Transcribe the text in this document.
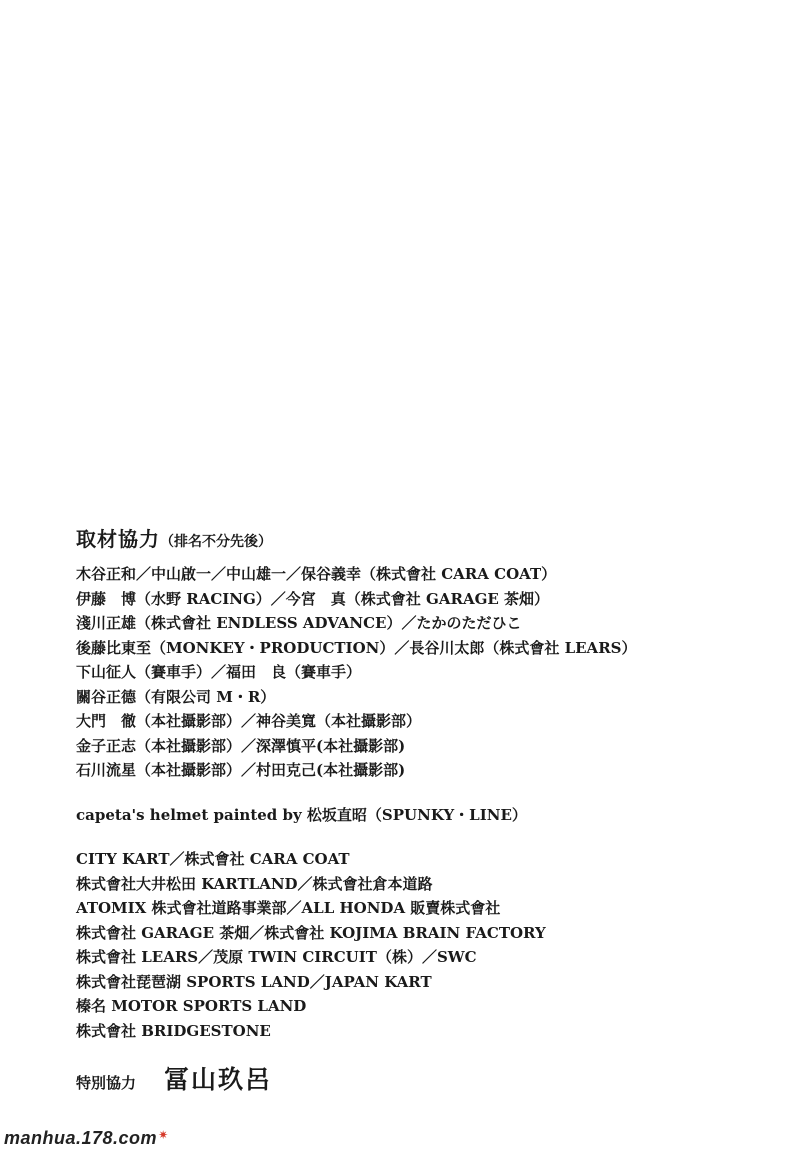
取材協力（排名不分先後）
木谷正和／中山啟一／中山雄一／保谷義幸（株式會社 CARA COAT）
伊藤　博（水野 RACING）／今宮　真（株式會社 GARAGE 茶畑）
淺川正雄（株式會社 ENDLESS ADVANCE）／たかのただひこ
後藤比東至（MONKEY・PRODUCTION）／長谷川太郎（株式會社 LEARS）
下山征人（賽車手）／福田　良（賽車手）
關谷正德（有限公司 M・R）
大門　徹（本社攝影部）／神谷美寬（本社攝影部）
金子正志（本社攝影部）／深澤慎平(本社攝影部)
石川流星（本社攝影部）／村田克己(本社攝影部)
capeta's helmet painted by 松坂直昭（SPUNKY・LINE）
CITY KART／株式會社 CARA COAT
株式會社大井松田 KARTLAND／株式會社倉本道路
ATOMIX 株式會社道路事業部／ALL HONDA 販賣株式會社
株式會社 GARAGE 茶畑／株式會社 KOJIMA BRAIN FACTORY
株式會社 LEARS／茂原 TWIN CIRCUIT（株）／SWC
株式會社琵琶湖 SPORTS LAND／JAPAN KART
榛名 MOTOR SPORTS LAND
株式會社 BRIDGESTONE
特別協力 冨山玖呂
manhua.178.com✷
